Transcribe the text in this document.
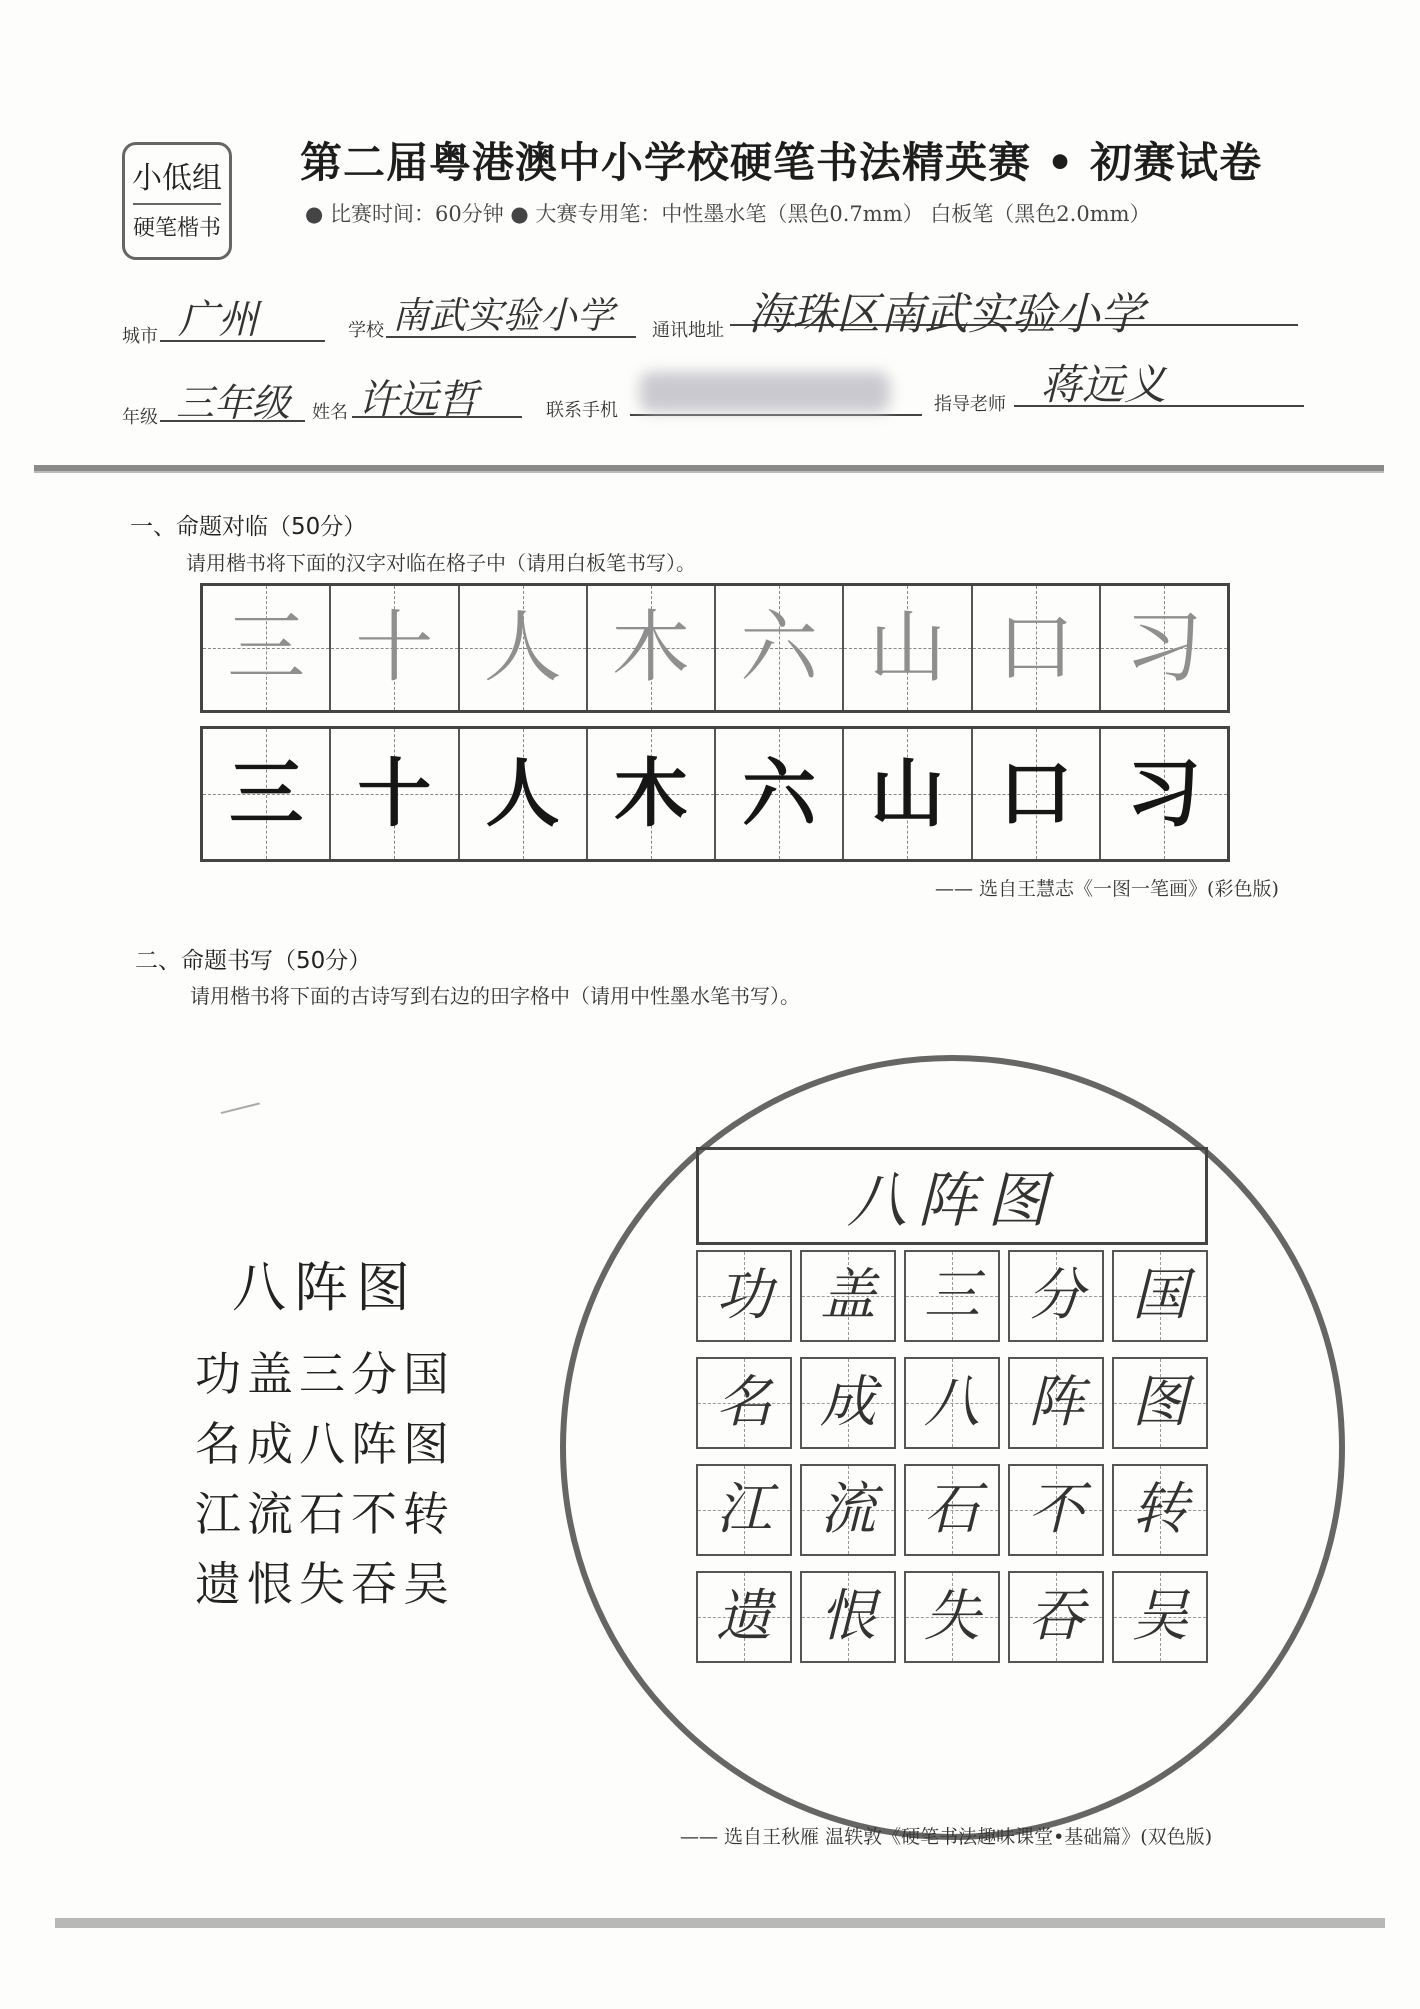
小低组
硬笔楷书
第二届粤港澳中小学校硬笔书法精英赛 • 初赛试卷
● 比赛时间：60分钟 ● 大赛专用笔：中性墨水笔（黑色0.7mm） 白板笔（黑色2.0mm）
城市 广州	学校 南武实验小学 通讯地址 海珠区南武实验小学
年级 三年级 姓名 许远哲	联系手机	指导老师 蒋远义
一、命题对临（50分）
请用楷书将下面的汉字对临在格子中（请用白板笔书写）。
三 十 人 木 六 山 口 习
三 十 人 木 六 山 口 习
—— 选自王慧志《一图一笔画》(彩色版)
二、命题书写（50分）
请用楷书将下面的古诗写到右边的田字格中（请用中性墨水笔书写）。
八阵图
功盖三分国
名成八阵图
江流石不转
遗恨失吞吴
八阵图
功 盖 三 分 国
名 成 八 阵 图
江 流 石 不 转
遗 恨 失 吞 吴
—— 选自王秋雁 温轶敦《硬笔书法趣味课堂•基础篇》(双色版)
